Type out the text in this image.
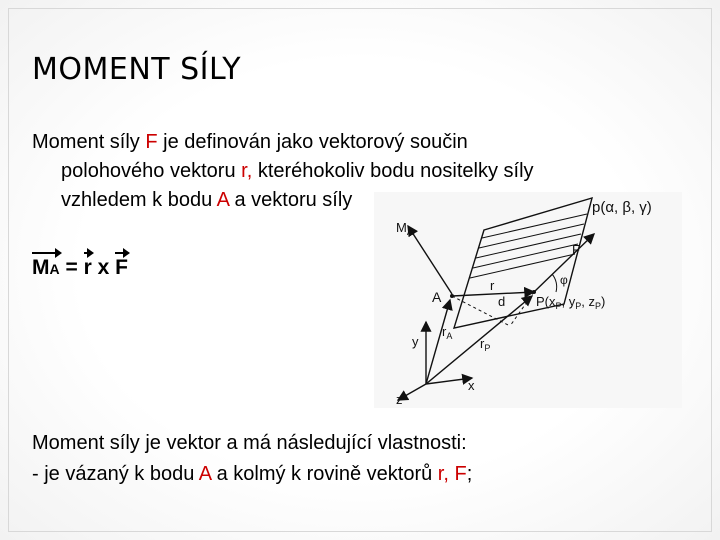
MOMENT SÍLY
Moment síly F je definován jako vektorový součin
polohového vektoru r, kteréhokoliv bodu nositelky síly
vzhledem k bodu A a vektoru síly
MA = r x F
p(α, β, γ)
$M_A$
F
φ
A
r
d $P(x_P$, $y_P$, $z_P$)
$r_A$ $r_P$
y
x
z
Moment síly je vektor a má následující vlastnosti:
- je vázaný k bodu A a kolmý k rovině vektorů r, F;
